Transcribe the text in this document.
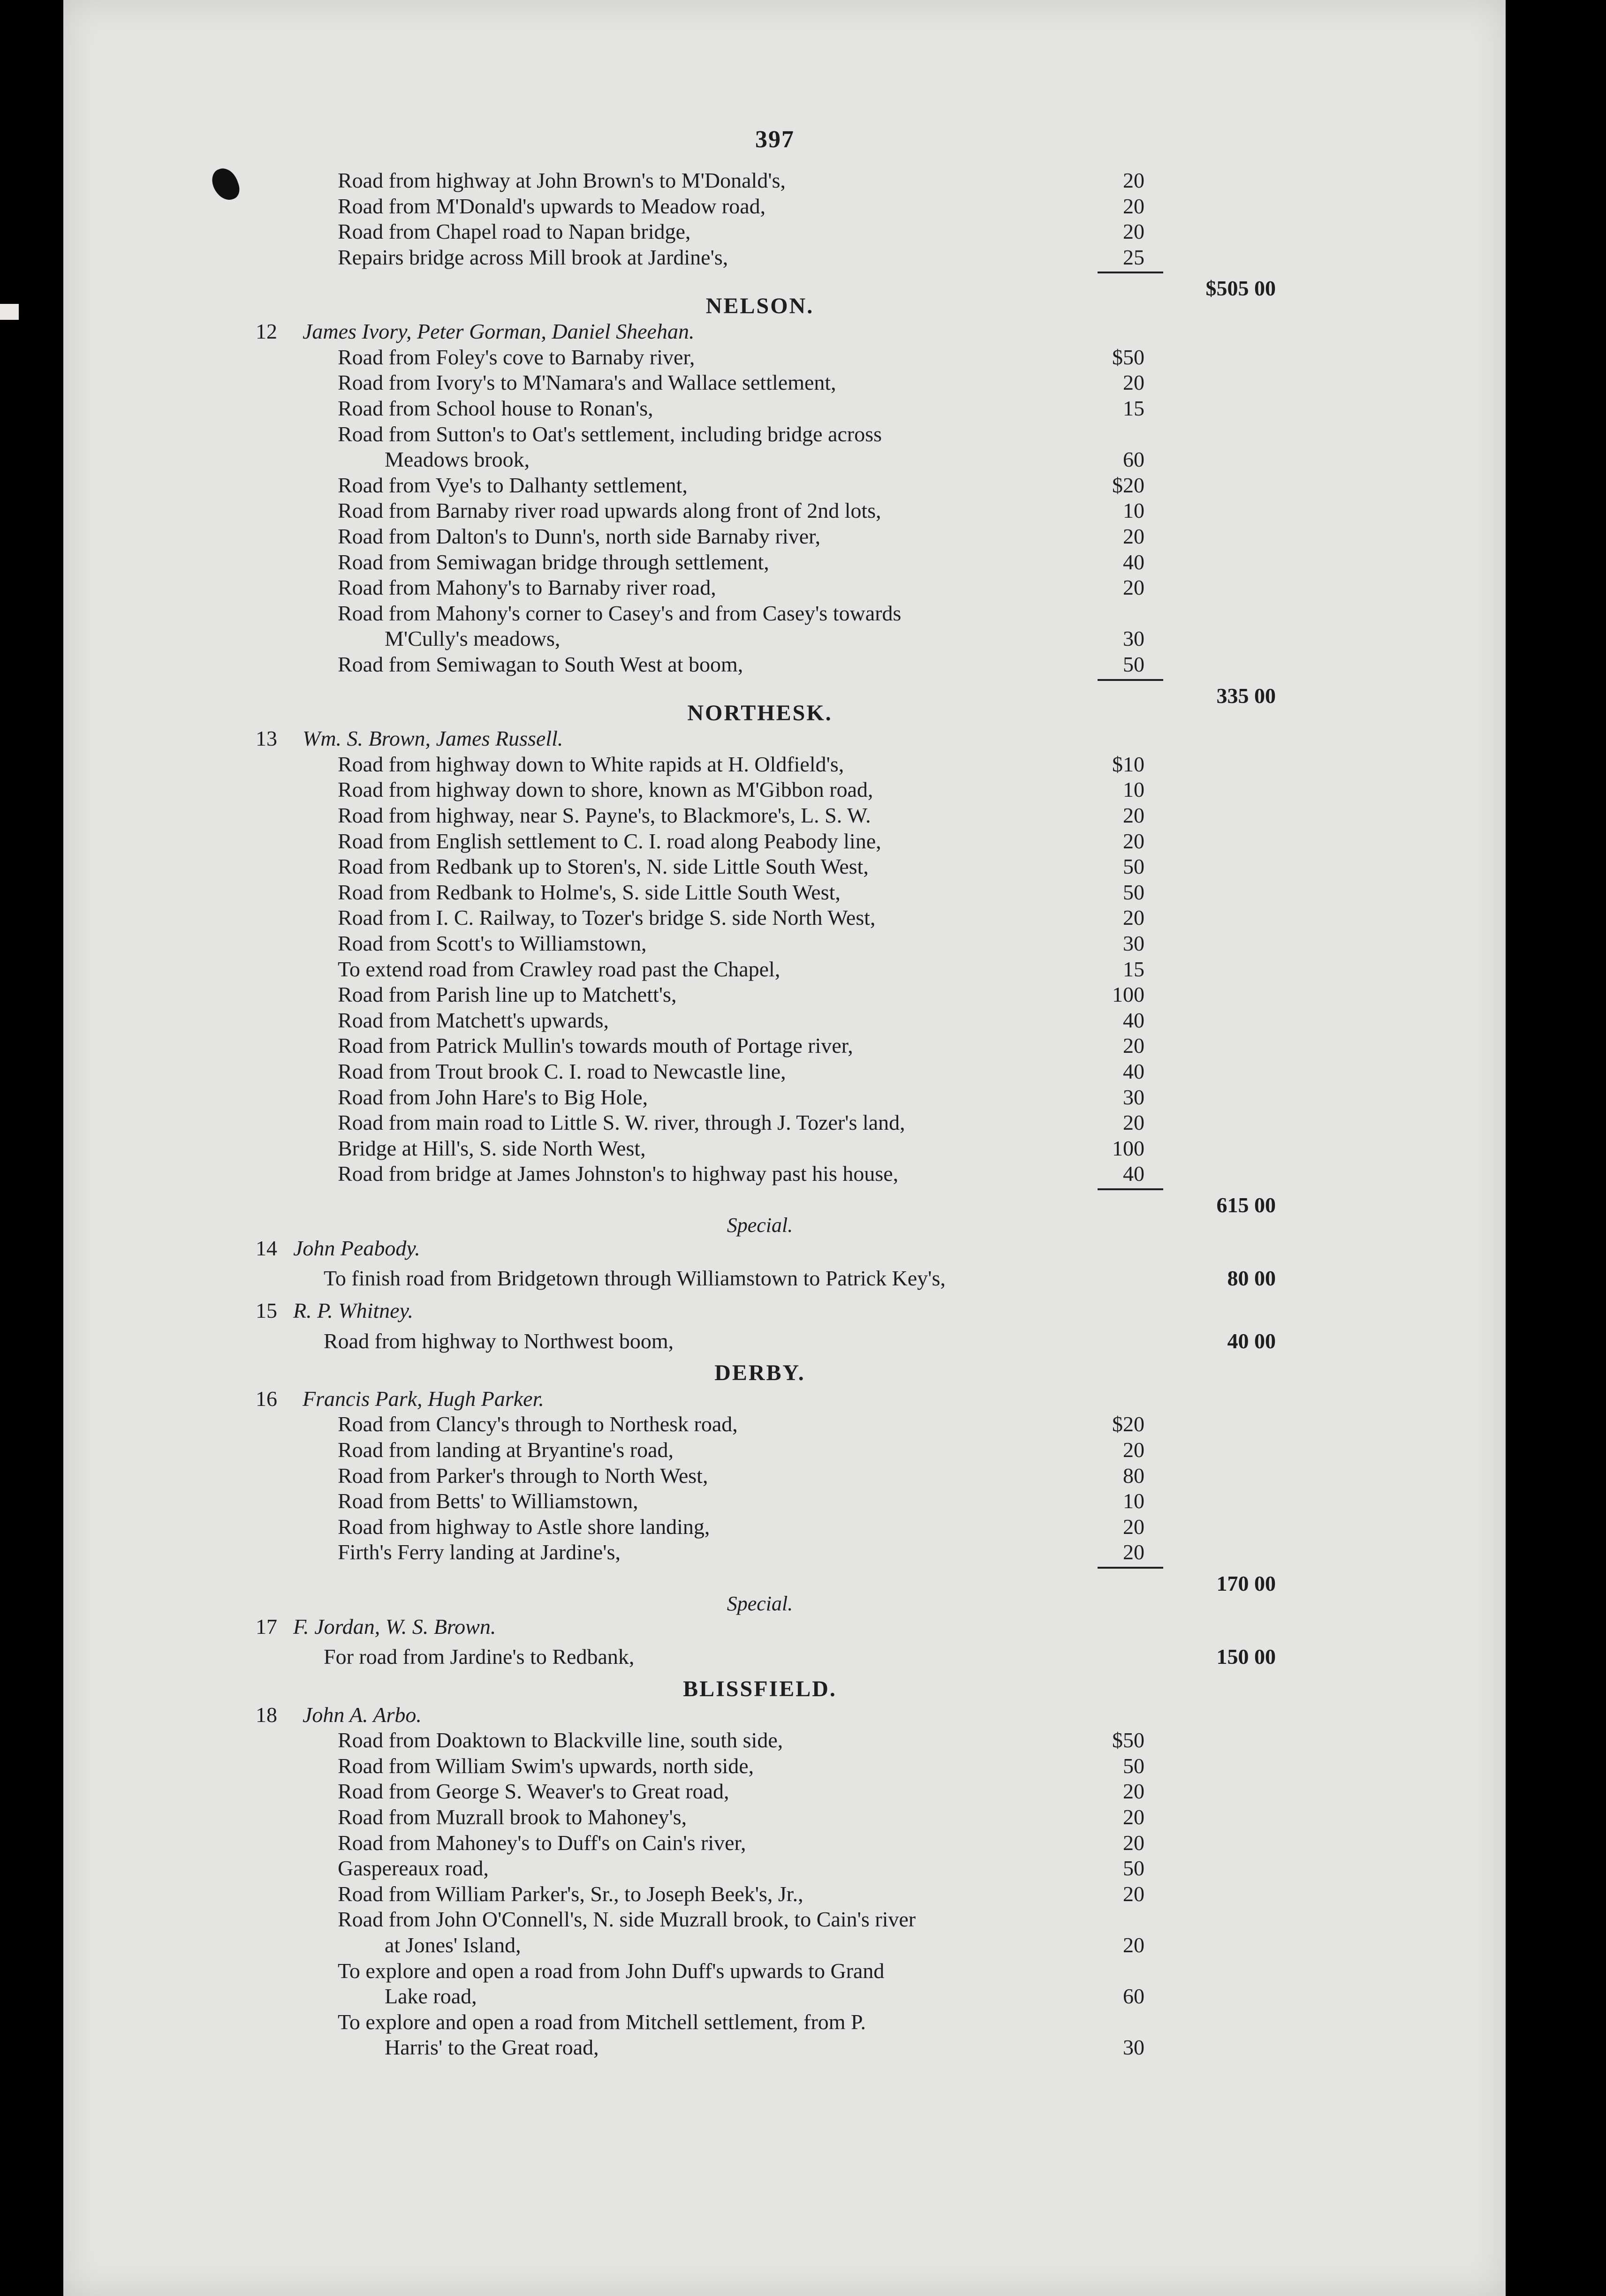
397
Road from highway at John Brown's to M'Donald's,	20
Road from M'Donald's upwards to Meadow road,	20
Road from Chapel road to Napan bridge,	20
Repairs bridge across Mill brook at Jardine's,	25
$505 00
NELSON.
12 James Ivory, Peter Gorman, Daniel Sheehan.
Road from Foley's cove to Barnaby river,	$50
Road from Ivory's to M'Namara's and Wallace settlement,	20
Road from School house to Ronan's,	15
Road from Sutton's to Oat's settlement, including bridge across
Meadows brook,	60
Road from Vye's to Dalhanty settlement,	$20
Road from Barnaby river road upwards along front of 2nd lots,	10
Road from Dalton's to Dunn's, north side Barnaby river,	20
Road from Semiwagan bridge through settlement,	40
Road from Mahony's to Barnaby river road,	20
Road from Mahony's corner to Casey's and from Casey's towards
M'Cully's meadows,	30
Road from Semiwagan to South West at boom,	50
335 00
NORTHESK.
13 Wm. S. Brown, James Russell.
Road from highway down to White rapids at H. Oldfield's,	$10
Road from highway down to shore, known as M'Gibbon road,	10
Road from highway, near S. Payne's, to Blackmore's, L. S. W.	20
Road from English settlement to C. I. road along Peabody line,	20
Road from Redbank up to Storen's, N. side Little South West,	50
Road from Redbank to Holme's, S. side Little South West,	50
Road from I. C. Railway, to Tozer's bridge S. side North West,	20
Road from Scott's to Williamstown,	30
To extend road from Crawley road past the Chapel,	15
Road from Parish line up to Matchett's,	100
Road from Matchett's upwards,	40
Road from Patrick Mullin's towards mouth of Portage river,	20
Road from Trout brook C. I. road to Newcastle line,	40
Road from John Hare's to Big Hole,	30
Road from main road to Little S. W. river, through J. Tozer's land,	20
Bridge at Hill's, S. side North West,	100
Road from bridge at James Johnston's to highway past his house,	40
615 00
Special.
14 John Peabody.
To finish road from Bridgetown through Williamstown to Patrick Key's,	80 00
15 R. P. Whitney.
Road from highway to Northwest boom,	40 00
DERBY.
16 Francis Park, Hugh Parker.
Road from Clancy's through to Northesk road,	$20
Road from landing at Bryantine's road,	20
Road from Parker's through to North West,	80
Road from Betts' to Williamstown,	10
Road from highway to Astle shore landing,	20
Firth's Ferry landing at Jardine's,	20
170 00
Special.
17 F. Jordan, W. S. Brown.
For road from Jardine's to Redbank,	150 00
BLISSFIELD.
18 John A. Arbo.
Road from Doaktown to Blackville line, south side,	$50
Road from William Swim's upwards, north side,	50
Road from George S. Weaver's to Great road,	20
Road from Muzrall brook to Mahoney's,	20
Road from Mahoney's to Duff's on Cain's river,	20
Gaspereaux road,	50
Road from William Parker's, Sr., to Joseph Beek's, Jr.,	20
Road from John O'Connell's, N. side Muzrall brook, to Cain's river
at Jones' Island,	20
To explore and open a road from John Duff's upwards to Grand
Lake road,	60
To explore and open a road from Mitchell settlement, from P.
Harris' to the Great road,	30
